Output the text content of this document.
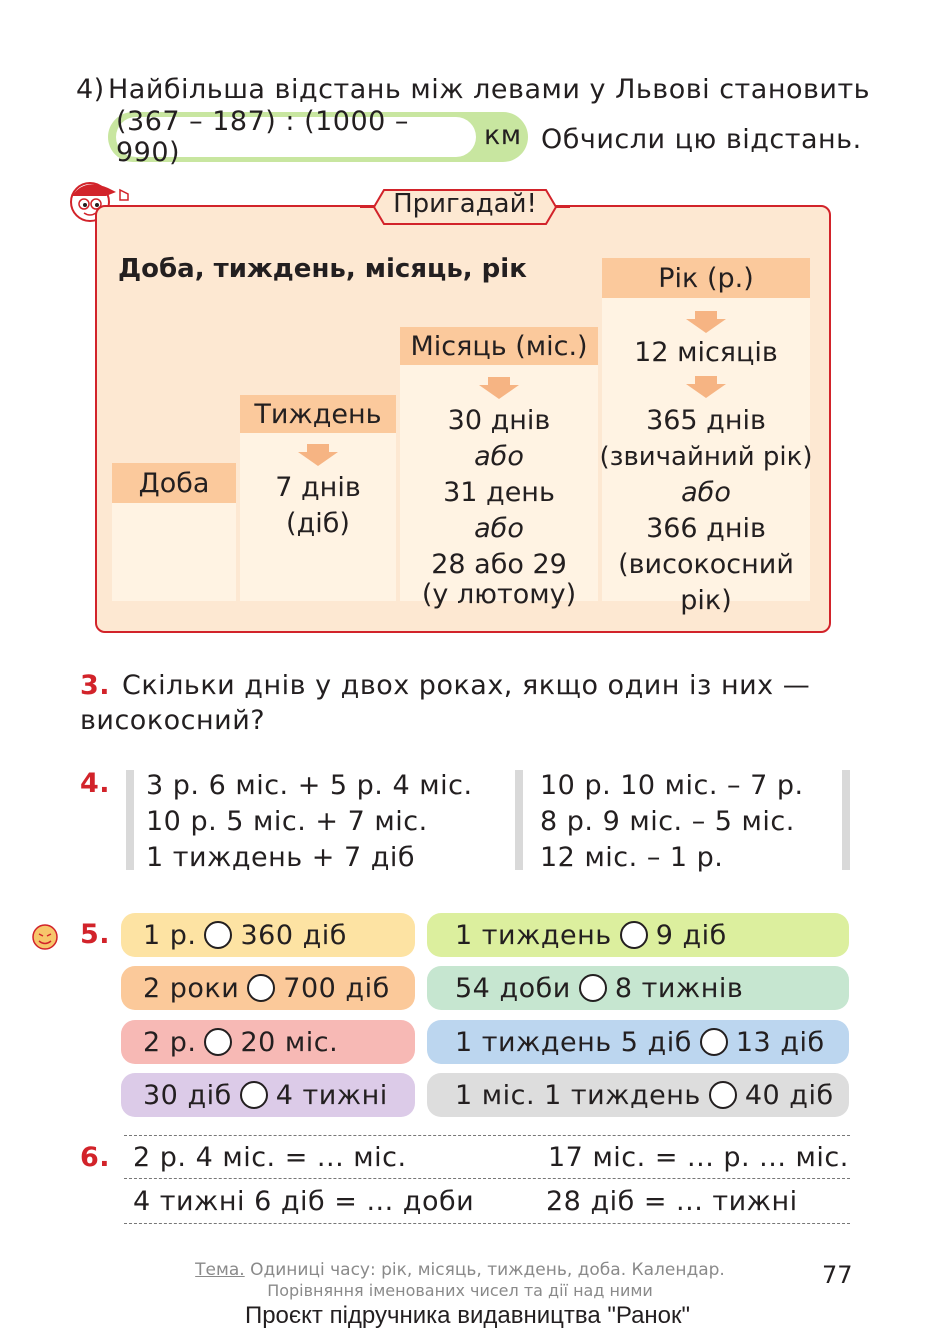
4) Найбільша відстань між левами у Львові становить
(367 – 187) : (1000 – 990)
км Обчисли цю відстань.
Пригадай!
Доба, тиждень, місяць, рік
Доба
Тиждень
Місяць (міс.)
Рік (р.)
7 днів
(діб)
30 днів
або
31 день
або
28 або 29
(у лютому)
12 місяців
365 днів
(звичайний рік)
або
366 днів
(високосний
рік)
3. Скільки днів у двох роках, якщо один із них —
високосний?
4. 3 р. 6 міс. + 5 р. 4 міс.
10 р. 5 міс. + 7 міс.
1 тиждень + 7 діб
10 р. 10 міс. – 7 р.
8 р. 9 міс. – 5 міс.
12 міс. – 1 р.
5. 1 р. 360 діб
2 роки 700 діб
2 р. 20 міс.
30 діб 4 тижні
1 тиждень 9 діб
54 доби 8 тижнів
1 тиждень 5 діб 13 діб
1 міс. 1 тиждень 40 діб
6. 2 р. 4 міс. = ... міс.	17 міс. = ... р. ... міс.
4 тижні 6 діб = ... доби	28 діб = ... тижні
Тема. Одиниці часу: рік, місяць, тиждень, доба. Календар.
Порівняння іменованих чисел та дії над ними
77
Проєкт підручника видавництва "Ранок"
